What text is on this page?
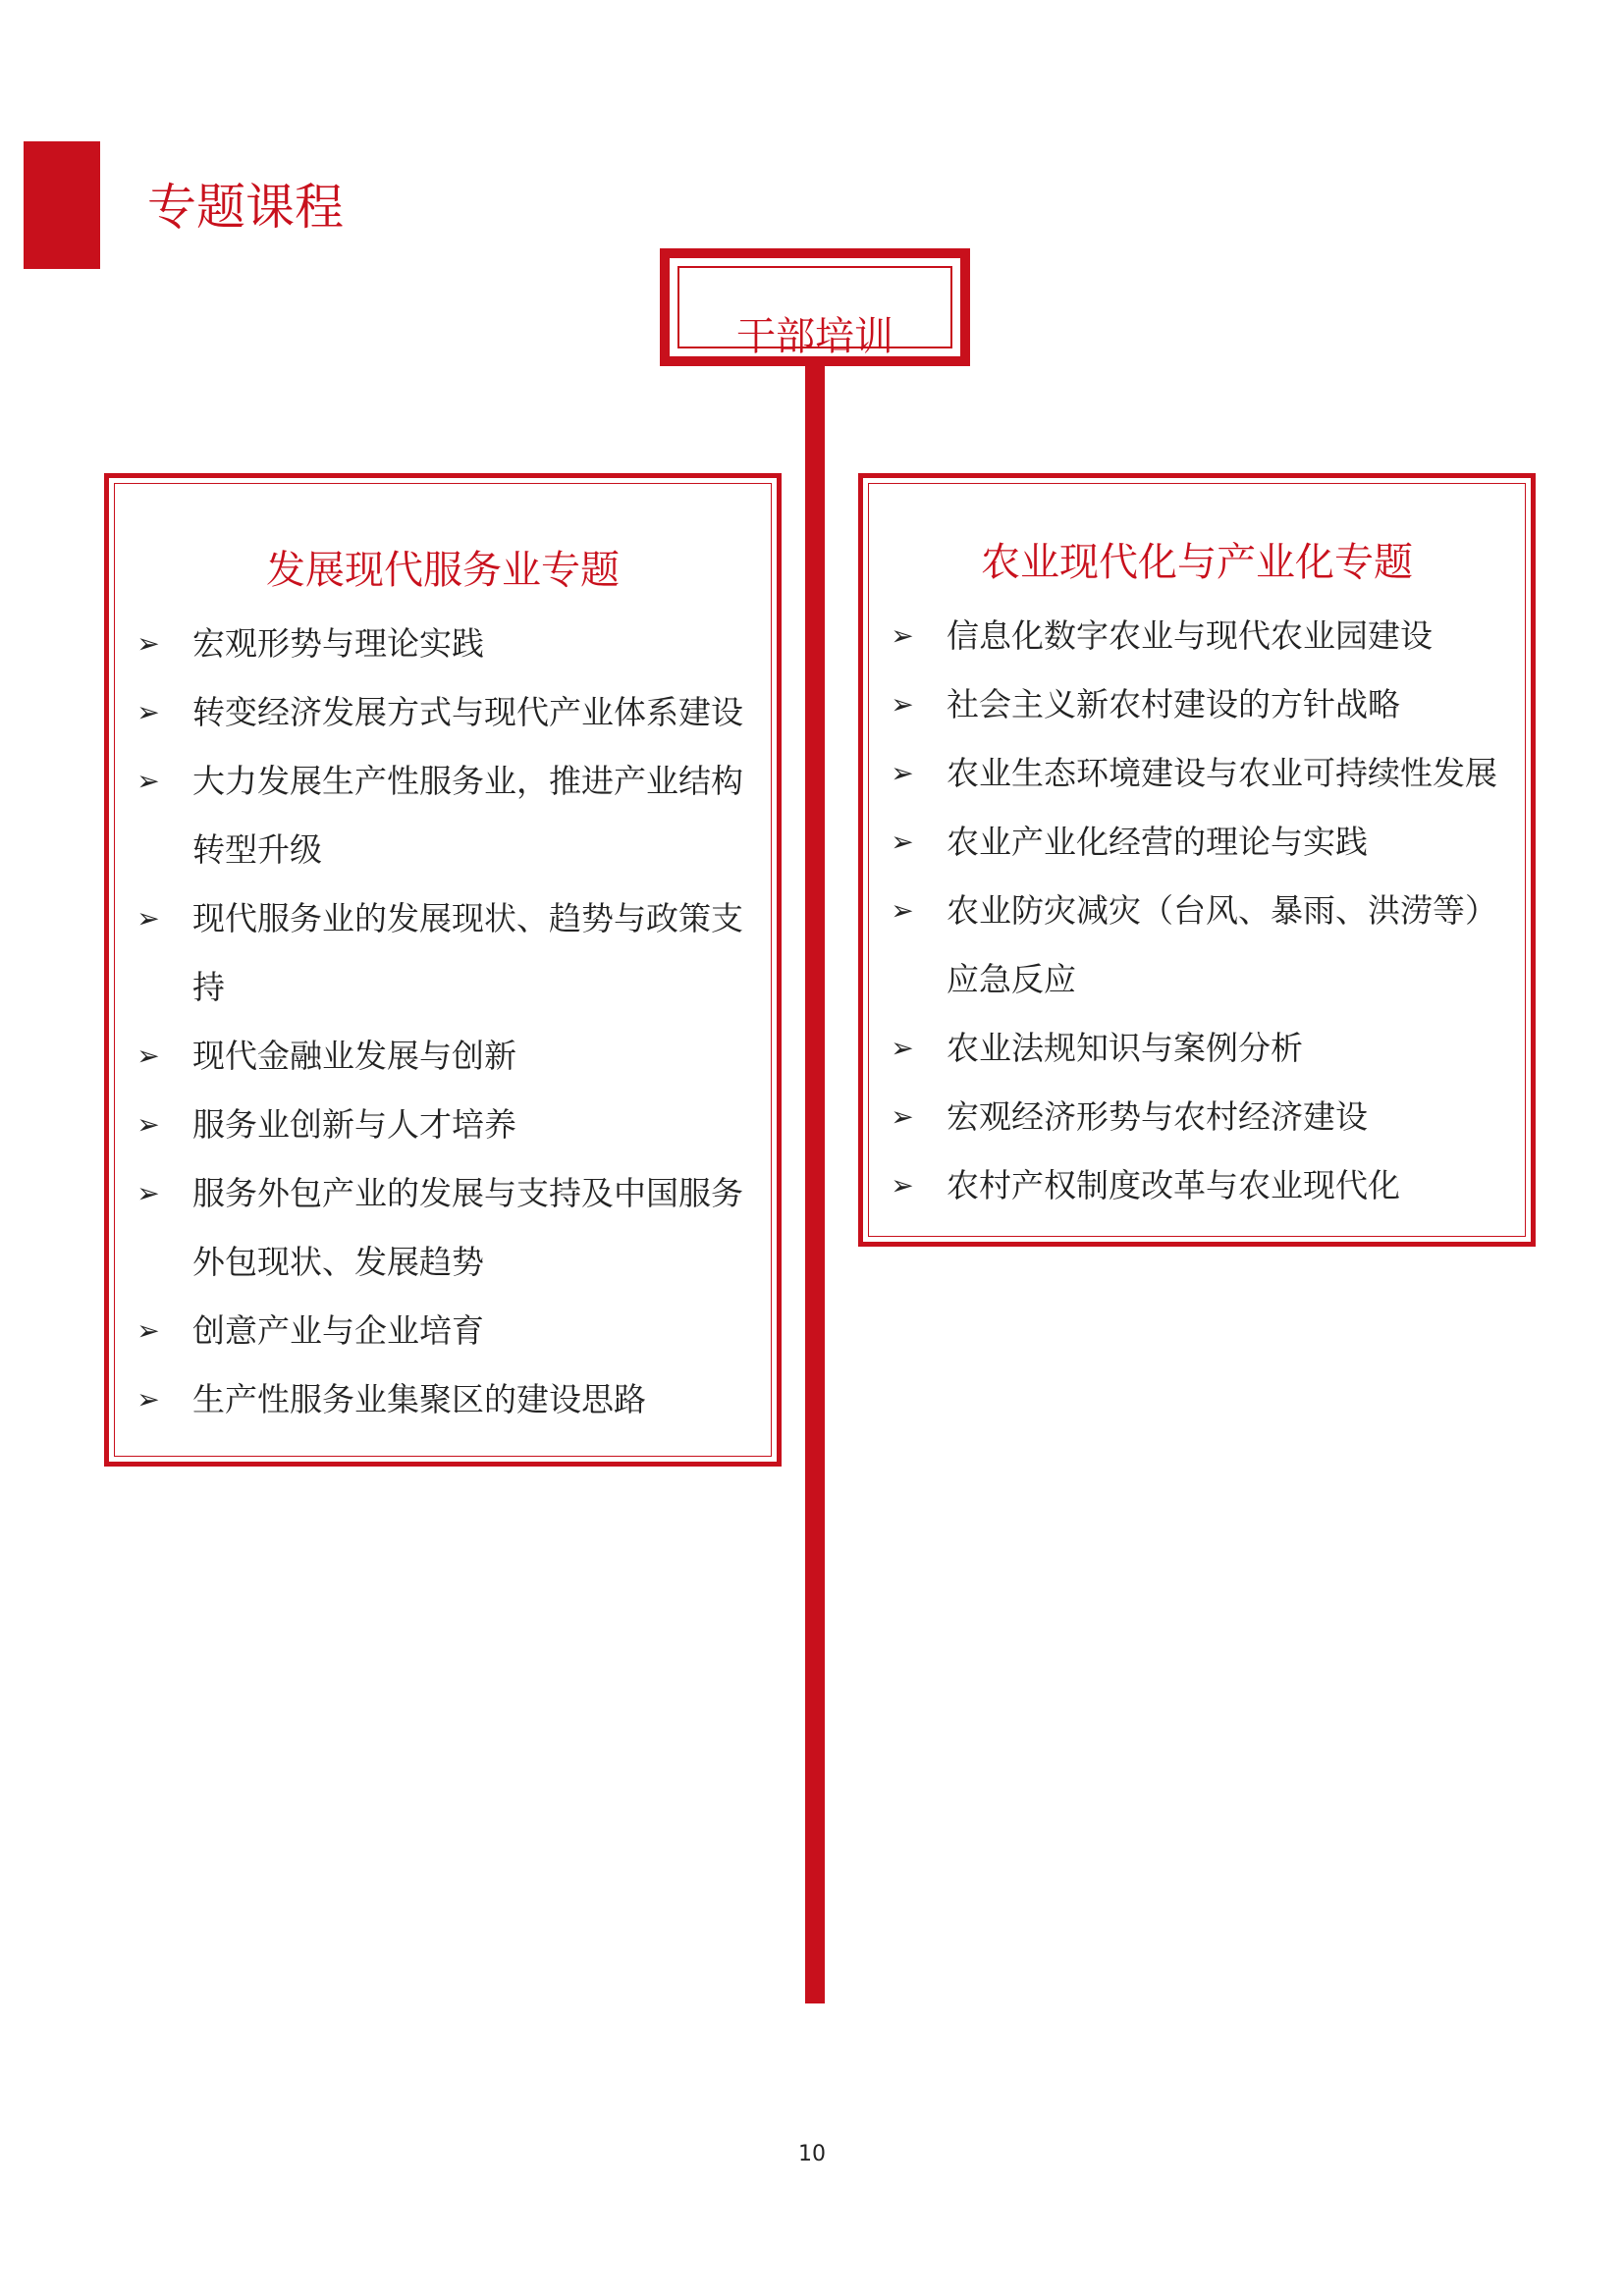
专题课程
干部培训
发展现代服务业专题
➢ 宏观形势与理论实践
➢ 转变经济发展方式与现代产业体系建设
➢ 大力发展生产性服务业，推进产业结构转型升级
➢ 现代服务业的发展现状、趋势与政策支持
➢ 现代金融业发展与创新
➢ 服务业创新与人才培养
➢ 服务外包产业的发展与支持及中国服务外包现状、发展趋势
➢ 创意产业与企业培育
➢ 生产性服务业集聚区的建设思路
农业现代化与产业化专题
➢ 信息化数字农业与现代农业园建设
➢ 社会主义新农村建设的方针战略
➢ 农业生态环境建设与农业可持续性发展
➢ 农业产业化经营的理论与实践
➢ 农业防灾减灾（台风、暴雨、洪涝等）应急反应
➢ 农业法规知识与案例分析
➢ 宏观经济形势与农村经济建设
➢ 农村产权制度改革与农业现代化
10
